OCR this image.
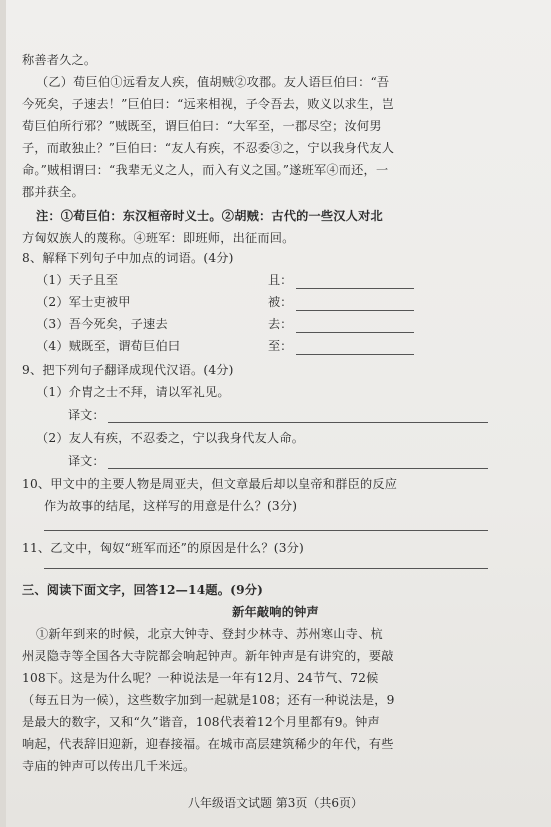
称善者久之。
（乙）荀巨伯①远看友人疾，值胡贼②攻郡。友人语巨伯曰：“吾
今死矣，子速去！”巨伯曰：“远来相视，子令吾去，败义以求生，岂
荀巨伯所行邪？”贼既至，谓巨伯曰：“大军至，一郡尽空；汝何男
子，而敢独止？”巨伯曰：“友人有疾，不忍委③之，宁以我身代友人
命。”贼相谓曰：“我辈无义之人，而入有义之国。”遂班军④而还，一
郡并获全。
注：①荀巨伯：东汉桓帝时义士。②胡贼：古代的一些汉人对北
方匈奴族人的蔑称。④班军：即班师，出征而回。
8、解释下列句子中加点的词语。(4分)
（1）天子且至	且：
（2）军士吏被甲	被：
（3）吾今死矣，子速去	去：
（4）贼既至，谓荀巨伯曰	至：
9、把下列句子翻译成现代汉语。(4分)
（1）介胄之士不拜，请以军礼见。
译文：
（2）友人有疾，不忍委之，宁以我身代友人命。
译文：
10、甲文中的主要人物是周亚夫，但文章最后却以皇帝和群臣的反应
作为故事的结尾，这样写的用意是什么？(3分)
11、乙文中，匈奴“班军而还”的原因是什么？(3分)
三、阅读下面文字，回答12—14题。(9分)
新年敲响的钟声
①新年到来的时候，北京大钟寺、登封少林寺、苏州寒山寺、杭
州灵隐寺等全国各大寺院都会响起钟声。新年钟声是有讲究的，要敲
108下。这是为什么呢？一种说法是一年有12月、24节气、72候
（每五日为一候），这些数字加到一起就是108；还有一种说法是，9
是最大的数字，又和“久”谐音，108代表着12个月里都有9。钟声
响起，代表辞旧迎新，迎春接福。在城市高层建筑稀少的年代，有些
寺庙的钟声可以传出几千米远。
八年级语文试题 第3页（共6页）
